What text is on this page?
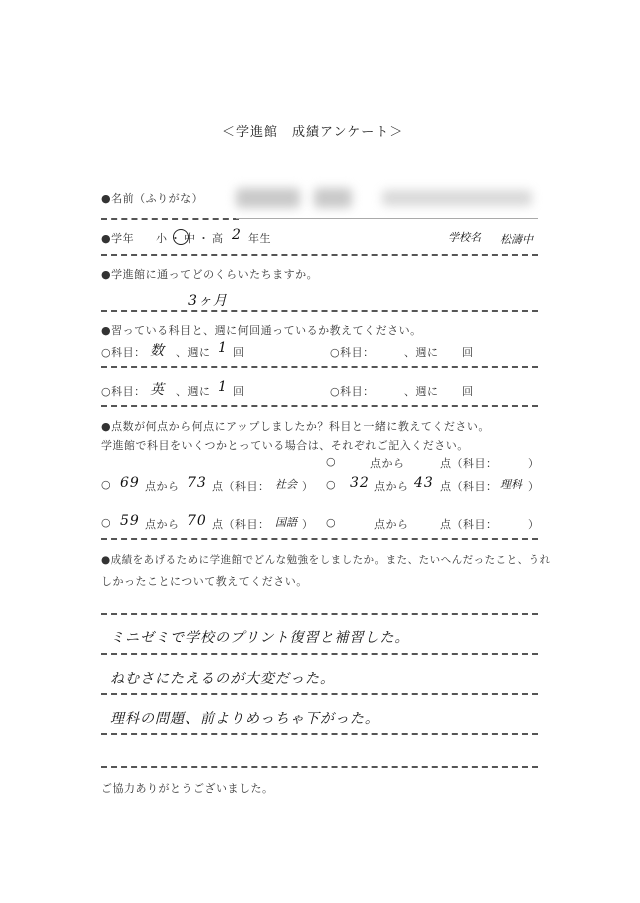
＜学進館　成績アンケート＞
●名前（ふりがな）
●学年 小・中・高 2 年生	学校名 松濤中
●学進館に通ってどのくらいたちますか。
3ヶ月
●習っている科目と、週に何回通っているか教えてください。
○科目： 数 、週に 1 回	○科目：	、週に 回
○科目： 英 、週に 1 回	○科目：	、週に 回
●点数が何点から何点にアップしましたか？科目と一緒に教えてください。
学進館で科目をいくつかとっている場合は、それぞれご記入ください。
○	点から	点（科目：	）
○ 69 点から 73 点（科目： 社会 ） ○ 32 点から 43 点（科目： 理科 ）
○ 59 点から 70 点（科目： 国語 ） ○	点から	点（科目：	）
●成績をあげるために学進館でどんな勉強をしましたか。また、たいへんだったこと、うれ
しかったことについて教えてください。
ミニゼミで学校のプリント復習と補習した。
ねむさにたえるのが大変だった。
理科の問題、前よりめっちゃ下がった。
ご協力ありがとうございました。
